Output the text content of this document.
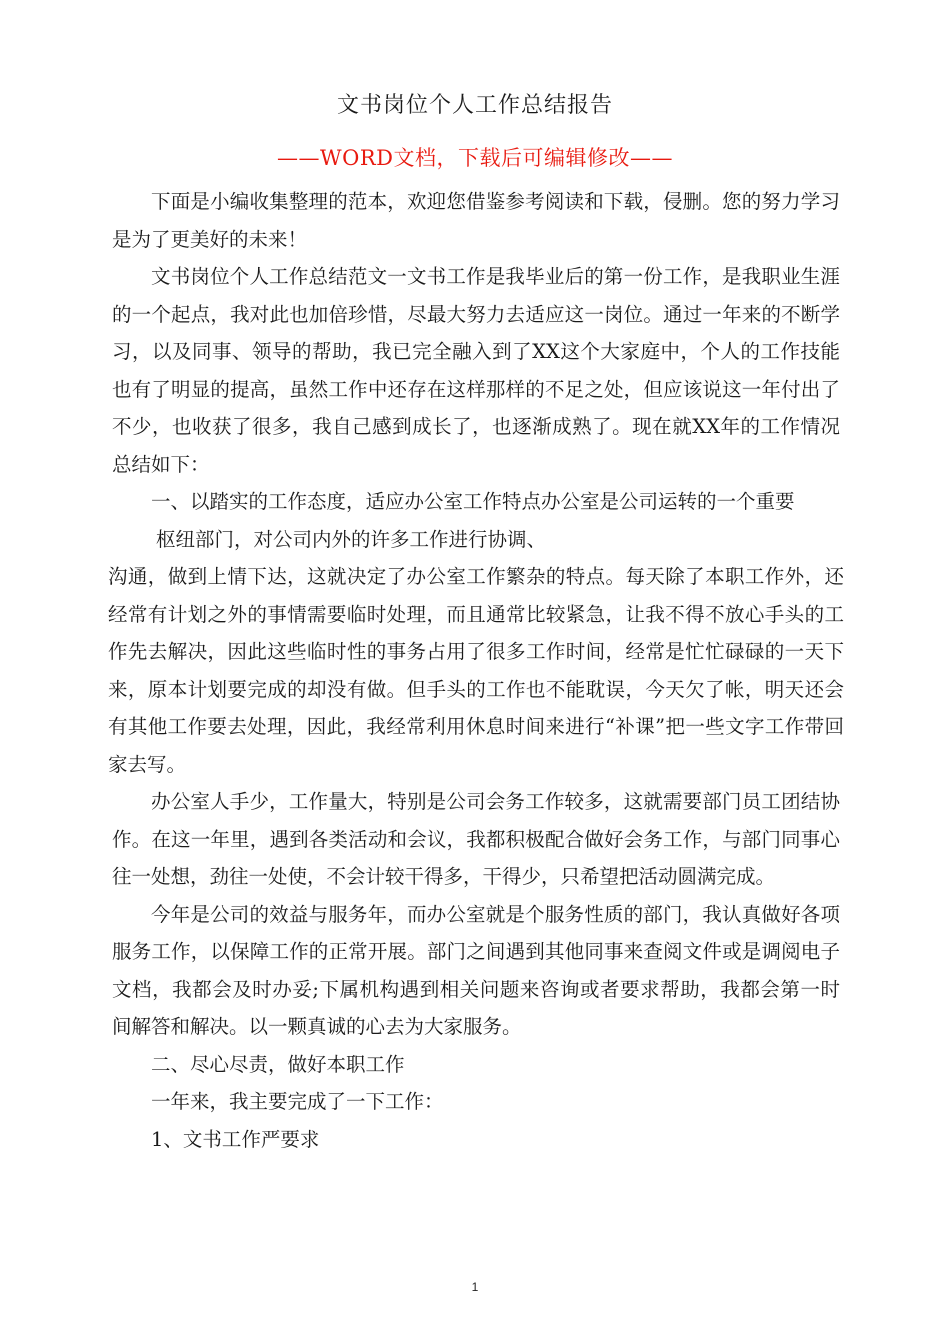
文书岗位个人工作总结报告
——WORD文档，下载后可编辑修改——

下面是小编收集整理的范本，欢迎您借鉴参考阅读和下载，侵删。您的努力学习是为了更美好的未来！

文书岗位个人工作总结范文一文书工作是我毕业后的第一份工作，是我职业生涯的一个起点，我对此也加倍珍惜，尽最大努力去适应这一岗位。通过一年来的不断学习，以及同事、领导的帮助，我已完全融入到了XX这个大家庭中，个人的工作技能也有了明显的提高，虽然工作中还存在这样那样的不足之处，但应该说这一年付出了不少，也收获了很多，我自己感到成长了，也逐渐成熟了。现在就XX年的工作情况总结如下：

一、以踏实的工作态度，适应办公室工作特点办公室是公司运转的一个重要

枢纽部门，对公司内外的许多工作进行协调、

沟通，做到上情下达，这就决定了办公室工作繁杂的特点。每天除了本职工作外，还经常有计划之外的事情需要临时处理，而且通常比较紧急，让我不得不放心手头的工作先去解决，因此这些临时性的事务占用了很多工作时间，经常是忙忙碌碌的一天下来，原本计划要完成的却没有做。但手头的工作也不能耽误，今天欠了帐，明天还会有其他工作要去处理，因此，我经常利用休息时间来进行“补课”把一些文字工作带回家去写。

办公室人手少，工作量大，特别是公司会务工作较多，这就需要部门员工团结协作。在这一年里，遇到各类活动和会议，我都积极配合做好会务工作，与部门同事心往一处想，劲往一处使，不会计较干得多，干得少，只希望把活动圆满完成。

今年是公司的效益与服务年，而办公室就是个服务性质的部门，我认真做好各项服务工作，以保障工作的正常开展。部门之间遇到其他同事来查阅文件或是调阅电子文档，我都会及时办妥;下属机构遇到相关问题来咨询或者要求帮助，我都会第一时间解答和解决。以一颗真诚的心去为大家服务。

二、尽心尽责，做好本职工作

一年来，我主要完成了一下工作：

1、文书工作严要求

1
